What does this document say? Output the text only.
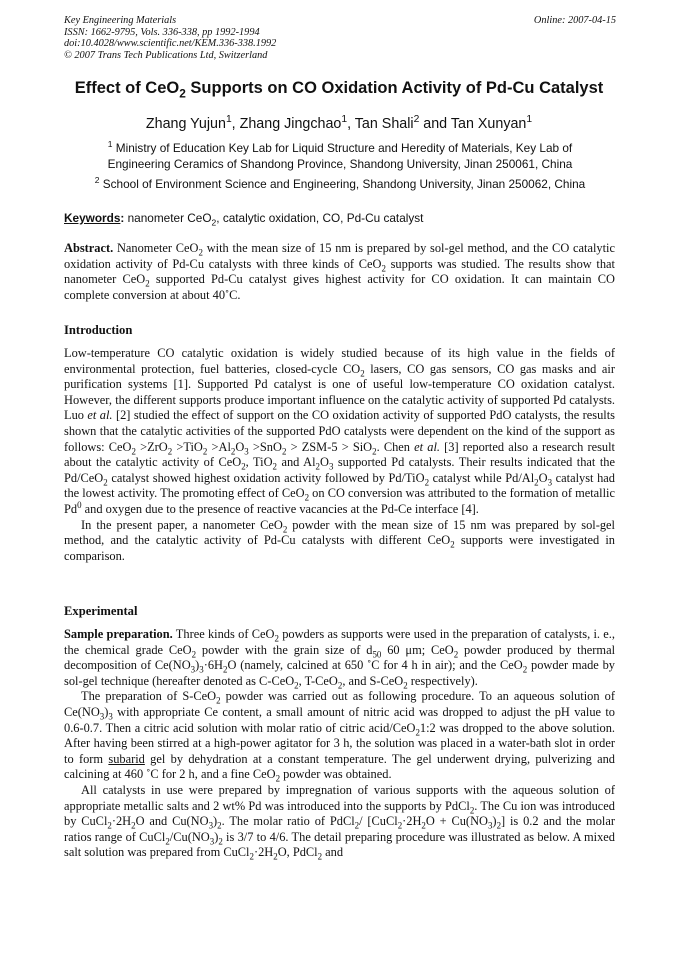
Key Engineering Materials
ISSN: 1662-9795, Vols. 336-338, pp 1992-1994
doi:10.4028/www.scientific.net/KEM.336-338.1992
© 2007 Trans Tech Publications Ltd, Switzerland
Online: 2007-04-15
Effect of CeO$_2$ Supports on CO Oxidation Activity of Pd-Cu Catalyst
Zhang Yujun$^1$, Zhang Jingchao$^1$, Tan Shali$^2$ and Tan Xunyan$^1$
$^1$ Ministry of Education Key Lab for Liquid Structure and Heredity of Materials, Key Lab of
Engineering Ceramics of Shandong Province, Shandong University, Jinan 250061, China
$^2$ School of Environment Science and Engineering, Shandong University, Jinan 250062, China
Keywords: nanometer CeO$_2$, catalytic oxidation, CO, Pd-Cu catalyst
Abstract. Nanometer CeO$_2$ with the mean size of 15 nm is prepared by sol-gel method, and the CO catalytic oxidation activity of Pd-Cu catalysts with three kinds of CeO$_2$ supports was studied. The results show that nanometer CeO$_2$ supported Pd-Cu catalyst gives highest activity for CO oxidation. It can maintain CO complete conversion at about 40˚C.
Introduction

Low-temperature CO catalytic oxidation is widely studied because of its high value in the fields of environmental protection, fuel batteries, closed-cycle $CO_2$ lasers, CO gas sensors, CO gas masks and air purification systems [1]. Supported Pd catalyst is one of useful low-temperature CO oxidation catalyst. However, the different supports produce important influence on the catalytic activity of supported Pd catalysts. Luo et al. [2] studied the effect of support on the CO oxidation activity of supported PdO catalysts, the results shown that the catalytic activities of the supported PdO catalysts were dependent on the kind of the support as follows: $CeO_2 >ZrO_2 >TiO_2 >Al_2O_3 >SnO_2 > ZSM-5 > SiO_2$. Chen et al. [3] reported also a research result about the catalytic activity of CeO$_2$, TiO$_2$ and $Al_2O_3$ supported Pd catalysts. Their results indicated that the Pd/CeO$_2$ catalyst showed highest oxidation activity followed by Pd/TiO$_2$ catalyst while $Pd/Al_2O_3$ catalyst had the lowest activity. The promoting effect of CeO$_2$ on CO conversion was attributed to the formation of metallic Pd$^0$ and oxygen due to the presence of reactive vacancies at the Pd-Ce interface [4].

In the present paper, a nanometer CeO$_2$ powder with the mean size of 15 nm was prepared by sol-gel method, and the catalytic activity of Pd-Cu catalysts with different CeO$_2$ supports were investigated in comparison.

Experimental

Sample preparation. Three kinds of CeO$_2$ powders as supports were used in the preparation of catalysts, i. e., the chemical grade CeO$_2$ powder with the grain size of $d_{50}$ 60 μm; CeO$_2$ powder produced by thermal decomposition of $Ce(NO_3)_3\cdot 6H_2O$ (namely, calcined at 650 ˚C for 4 h in air); and the CeO$_2$ powder made by sol-gel technique (hereafter denoted as C-CeO$_2$, T-CeO$_2$, and S-CeO$_2$ respectively).

The preparation of S-CeO$_2$ powder was carried out as following procedure. To an aqueous solution of $Ce(NO_3)_3$ with appropriate Ce content, a small amount of nitric acid was dropped to adjust the pH value to 0.6-0.7. Then a citric acid solution with molar ratio of citric acid/CeO$_2$1:2 was dropped to the above solution. After having been stirred at a high-power agitator for 3 h, the solution was placed in a water-bath slot in order to form subarid gel by dehydration at a constant temperature. The gel underwent drying, pulverizing and calcining at 460 ˚C for 2 h, and a fine CeO$_2$ powder was obtained.

All catalysts in use were prepared by impregnation of various supports with the aqueous solution of appropriate metallic salts and 2 wt% Pd was introduced into the supports by PdCl$_2$. The Cu ion was introduced by $CuCl_2\cdot 2H_2O$ and $Cu(NO_3)_2$. The molar ratio of PdCl$_2$/ $[CuCl_2\cdot 2H_2O + Cu(NO_3)_2]$ is 0.2 and the molar ratios range of $CuCl_2/Cu(NO_3)_2$ is 3/7 to 4/6. The detail preparing procedure was illustrated as below. A mixed salt solution was prepared from $CuCl_2\cdot 2H_2O$, PdCl$_2$ and
